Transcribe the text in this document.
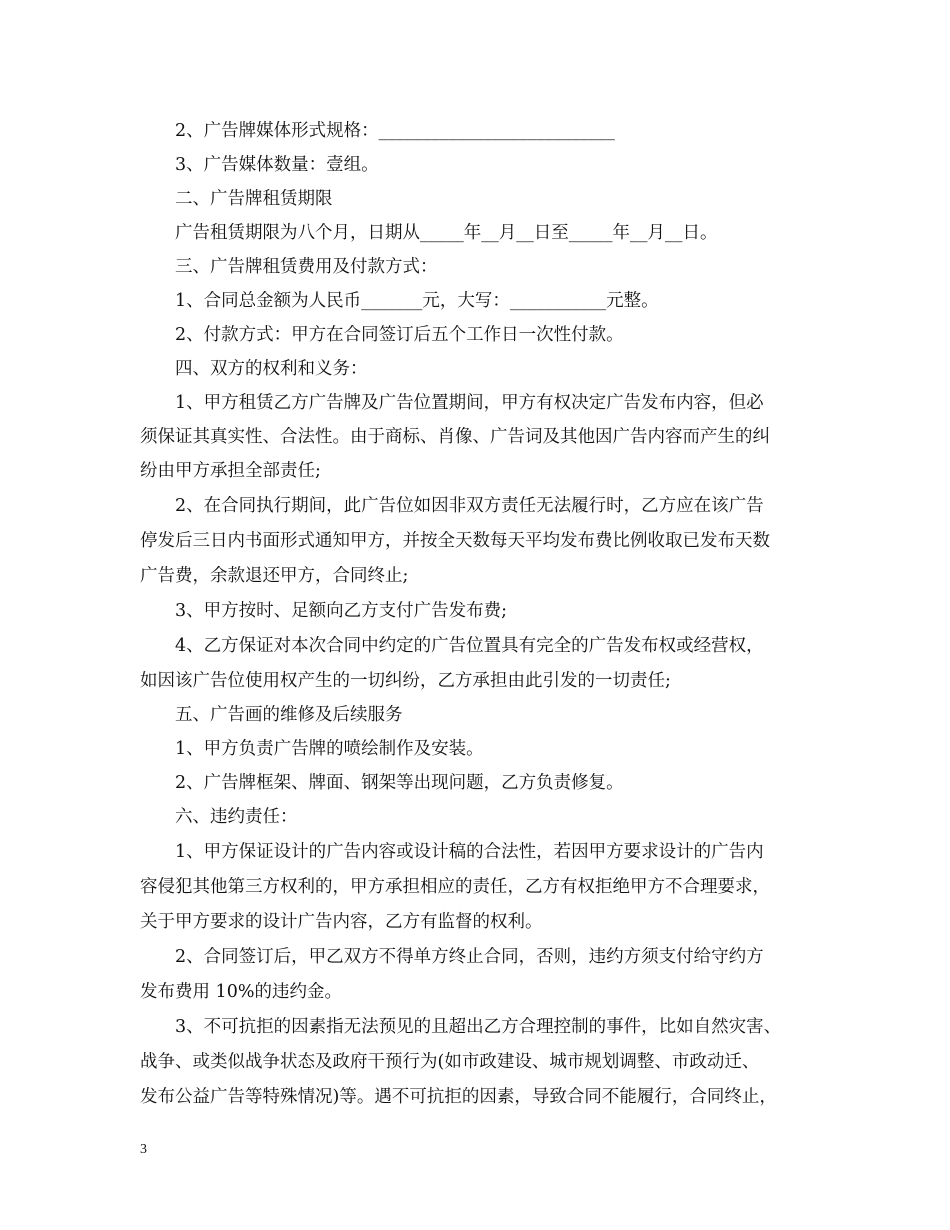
2、广告牌媒体形式规格：___________________________

3、广告媒体数量：壹组。

二、广告牌租赁期限

广告租赁期限为八个月，日期从_____年__月__日至_____年__月__日。

三、广告牌租赁费用及付款方式：

1、合同总金额为人民币_______元，大写：___________元整。

2、付款方式：甲方在合同签订后五个工作日一次性付款。

四、双方的权利和义务：

1、甲方租赁乙方广告牌及广告位置期间，甲方有权决定广告发布内容，但必

须保证其真实性、合法性。由于商标、肖像、广告词及其他因广告内容而产生的纠

纷由甲方承担全部责任;

2、在合同执行期间，此广告位如因非双方责任无法履行时，乙方应在该广告

停发后三日内书面形式通知甲方，并按全天数每天平均发布费比例收取已发布天数

广告费，余款退还甲方，合同终止;

3、甲方按时、足额向乙方支付广告发布费;

4、乙方保证对本次合同中约定的广告位置具有完全的广告发布权或经营权，

如因该广告位使用权产生的一切纠纷，乙方承担由此引发的一切责任;

五、广告画的维修及后续服务

1、甲方负责广告牌的喷绘制作及安装。

2、广告牌框架、牌面、钢架等出现问题，乙方负责修复。

六、违约责任：

1、甲方保证设计的广告内容或设计稿的合法性，若因甲方要求设计的广告内

容侵犯其他第三方权利的，甲方承担相应的责任，乙方有权拒绝甲方不合理要求，

关于甲方要求的设计广告内容，乙方有监督的权利。

2、合同签订后，甲乙双方不得单方终止合同，否则，违约方须支付给守约方

发布费用 10%的违约金。

3、不可抗拒的因素指无法预见的且超出乙方合理控制的事件，比如自然灾害、

战争、或类似战争状态及政府干预行为(如市政建设、城市规划调整、市政动迁、

发布公益广告等特殊情况)等。遇不可抗拒的因素，导致合同不能履行，合同终止，

3
